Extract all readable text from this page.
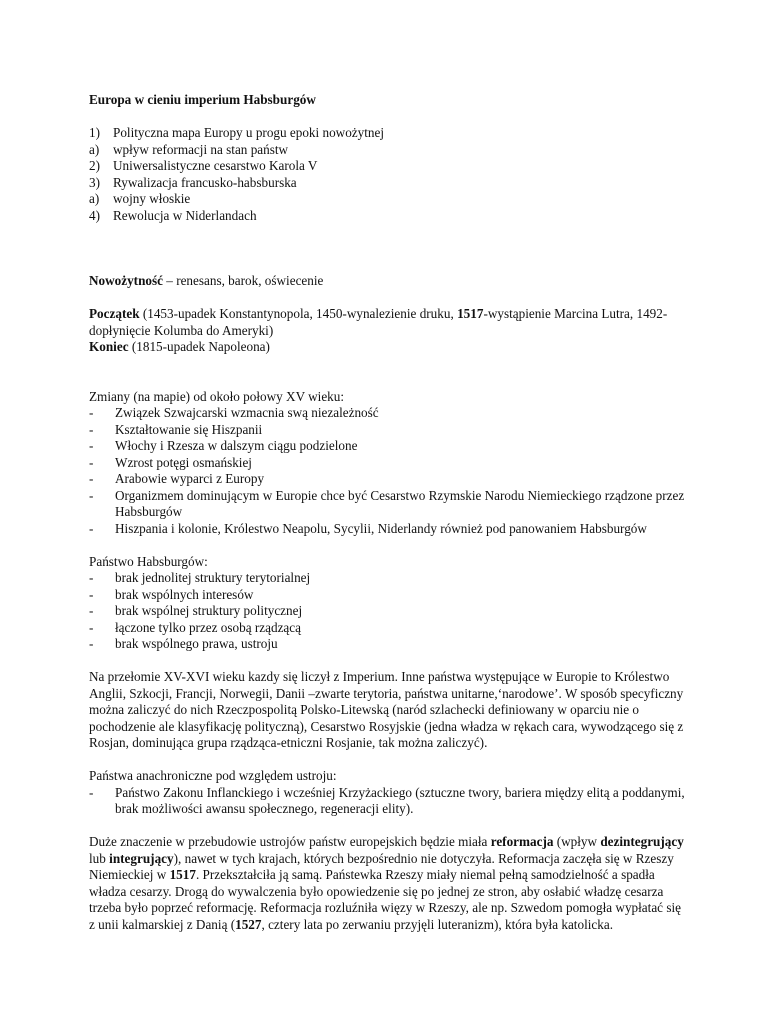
Europa w cieniu imperium Habsburgów

1) Polityczna mapa Europy u progu epoki nowożytnej
a)	wpływ reformacji na stan państw
2) Uniwersalistyczne cesarstwo Karola V
3) Rywalizacja francusko-habsburska
a)	wojny włoskie
4) Rewolucja w Niderlandach

Nowożytność – renesans, barok, oświecenie

Początek (1453-upadek Konstantynopola, 1450-wynalezienie druku, 1517-wystąpienie Marcina Lutra, 1492-dopłynięcie Kolumba do Ameryki)

Koniec (1815-upadek Napoleona)

Zmiany (na mapie) od około połowy XV wieku:

-	Związek Szwajcarski wzmacnia swą niezależność
-	Kształtowanie się Hiszpanii
-	Włochy i Rzesza w dalszym ciągu podzielone
-	Wzrost potęgi osmańskiej
-	Arabowie wyparci z Europy
-	Organizmem dominującym w Europie chce być Cesarstwo Rzymskie Narodu Niemieckiego rządzone przez Habsburgów
-	Hiszpania i kolonie, Królestwo Neapolu, Sycylii, Niderlandy również pod panowaniem Habsburgów

Państwo Habsburgów:

-	brak jednolitej struktury terytorialnej
-	brak wspólnych interesów
-	brak wspólnej struktury politycznej
-	łączone tylko przez osobą rządzącą
-	brak wspólnego prawa, ustroju

Na przełomie XV-XVI wieku kazdy się liczył z Imperium. Inne państwa występujące w Europie to Królestwo Anglii, Szkocji, Francji, Norwegii, Danii –zwarte terytoria, państwa unitarne,‘narodowe’. W sposób specyficzny można zaliczyć do nich Rzeczpospolitą Polsko-Litewską (naród szlachecki definiowany w oparciu nie o pochodzenie ale klasyfikację polityczną), Cesarstwo Rosyjskie (jedna władza w rękach cara, wywodzącego się z Rosjan, dominująca grupa rządząca-etniczni Rosjanie, tak można zaliczyć).

Państwa anachroniczne pod względem ustroju:

-	Państwo Zakonu Inflanckiego i wcześniej Krzyżackiego (sztuczne twory, bariera między elitą a poddanymi, brak możliwości awansu społecznego, regeneracji elity).

Duże znaczenie w przebudowie ustrojów państw europejskich będzie miała reformacja (wpływ dezintegrujący lub integrujący), nawet w tych krajach, których bezpośrednio nie dotyczyła. Reformacja zaczęła się w Rzeszy Niemieckiej w 1517. Przekształciła ją samą. Państewka Rzeszy miały niemal pełną samodzielność a spadła władza cesarzy. Drogą do wywalczenia było opowiedzenie się po jednej ze stron, aby osłabić władzę cesarza trzeba było poprzeć reformację. Reformacja rozluźniła więzy w Rzeszy, ale np. Szwedom pomogła wypłatać się z unii kalmarskiej z Danią (1527, cztery lata po zerwaniu przyjęli luteranizm), która była katolicka.
